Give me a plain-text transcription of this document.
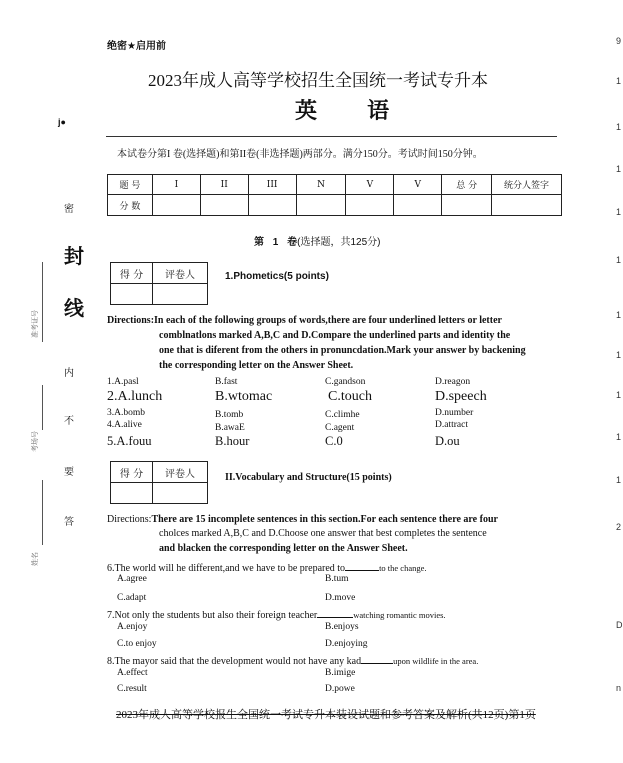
绝密★启用前
2023年成人高等学校招生全国统一考试专升本
英 语
本试卷分第I 卷(选择题)和第II卷(非选择题)两部分。满分150分。考试时间150分钟。
j●
密
封
线
内
不
要
答
准考证号
考场号
姓名
题 号	I	II	III	N	V	V	总 分	统分人签字
分 数								
第 1 卷(选择题，共125分)
得 分	评卷人
		1.Phometics(5 points)
Directions:In each of the following groups of words,there are four underlined letters or letter
comblnatlons marked A,B,C and D.Compare the underlined parts and identity the
one that is diferent from the others in pronuncdation.Mark your answer by backening
the corresponding letter on the Answer Sheet.
1.A.pasl	B.fast	C.gandson	D.reagon
2.A.lunch	B.wtomac	C.touch	D.speech
3.A.bomb	B.tomb	C.climhe	D.number
4.A.alive	B.awaE	C.agent	D.attract
5.A.fouu	B.hour	C.0	D.ou
得 分	评卷人
		II.Vocabulary and Structure(15 points)
Directions:There are 15 incomplete sentences in this section.For each sentence there are four
cholces marked A,B,C and D.Choose one answer that best completes the sentence
and blacken the corresponding letter on the Answer Sheet.
6.The world will he different,and we have to be prepared to	to the change.
A.agree	B.tum
C.adapt	D.move
7.Not only the students but also their foreign teacher	watching romantic movies.
A.enjoy	B.enjoys
C.to enjoy	D.enjoying
8.The mayor said that the development would not have any kad	upon wildlife in the area.
A.effect	B.imige
C.result	D.powe
2023年成人高等学校报生全国统一考试专升本装设试题和参考答案及解析(共12页)第1页
9
1
1
1
1
1
1
1
1
1
1
2
D
n
